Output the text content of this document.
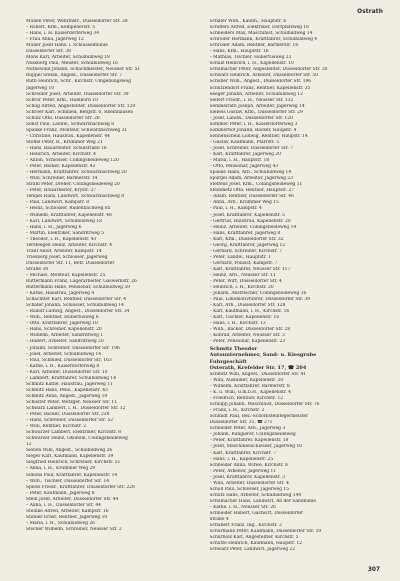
Ostrath
Müllen Peter, Wehrmstr., Düsseldorfer Str. 28
– Robert, Kfm., Kempenerstr. 5
– Hans, i. H. Kaiserdorferweg 34
– Frau Anna, Jägerweg 12
Müller Josef Hans, i. Schlüsselmühle
Düsseldorfer Str. 38
Mons Karl, Arbeiter, Schulbildweg 18
Nussberg Paul, Meister, Schulbildweg 16
Nüthewald Johann, Schachmeister, Neusser Str. 51
Ruppel Stefan, Angest., Düsseldorfer Str. 7
Rüth Heinrich, Schr., Kirchstr. Umgehungsweg
Jägerweg 10
Schreiner Josef, Arbeiter, Düsseldorfer Str. 39
Schrör Peter, Kfm., Hamborn 10
Schug Alfred, Angestellter, Düsseldorfer Str. 129
Schroer Karl, Schmied, Bergstr. 6, Rheinhausen
Schulz Otto, Düsseldorfer Str. 26
Sonst Paul, Landw., Schwarzbachweg 8
Spauke Franz, Monteur, Schwarzbachweg 31
– Christine, Hausfrau, Kapellenstr. 44
Stoffel Peter, R., Krummer Weg 21
– Hans, Bauarbeiter, Schulstraße 16
– Heinrich, Arbeiter, Kirchstr. 4
– Anton, Schlosser, Collingsheideweg 120
– Peter, Bäcker, Kapellenstr. 43
– Hermann, Kraftfahrer, Schwarzbachweg 20
– Willi, Schreiner, Barmerstr. 14
Strahl Peter, Dreher, Collingsheideweg 20
– Peter, Holzarbeiter, Krystr. 27
Tempel Hans, Landwirt, Schwarzbachweg 8
– Paul, Landwirt, Kampstr. 8
– Heinz, Schlosser, Rüdenbachweg 85
– Wilhelm, Kraftfahrer, Kapellenstr. 48
– Karl, Landwirt, Schulbildweg 18
– Hans, i. H., Jägerweg 6
– Martin, Elektriker, Sandrittweg 5
– Theodor, i. H., Kapellenstr. 43
Tersteegen Heinz, Arbeiter, Kirchstr. 4
Trant Adolf, Arbeiter, Kampstr. 14
Triesberg Josef, Schlosser, Jägerweg
Düsseldorfer Str. 11, Betr. Düsseldorfer
Straße 38
– Michael, Monteur, Kapellenstr. 25
Rüttermann Franz, Lagerarbeiter, Gaswerkstr. 26
Rüttermann Hans, Pensionär, Schulbildweg 59
– Käthe, Hausfrau, Jägerweg 4
Schachtler Karl, Rentner, Düsseldorfer Str. 4
Schäfer Johann, Schlosser, Schulbildweg 14
– Rudolf Ludwig, Angest., Düsseldorfer Str. 34
– Wilh., Rentner, Hubertusweg 6
– Otto, Kraftfahrer, Jägerweg 10
– Hans, Schreiner, Kapellenstr. 20
– Wilhelm, Arbeiter, Sandrittweg 1
– Hubert, Arbeiter, Sandrittweg 20
– Johann, Schreiner, Düsseldorfer Str. 196
– Josef, Arbeiter, Schulbildweg 14
– Paul, Schmied, Düsseldorfer Str. 163
– Käthe, i. H., Kaiserdorferweg 8
– Karl, Arbeiter, Düsseldorfer Str. 10
– Lambert, Kraftfahrer, Schulbildweg 14
Schmitz Käthe, Hausfrau, Jägerweg 11
Schmitz Hans, Pens., Kapellenstr. 43
Schmitz Anna, Angest., Jägerweg 19
Schuster Peter, Metzger, Neusser Str. 11
Schwarz Lambert, i. H., Düsseldorfer Str. 12
– Peter, Bäcker, Düsseldorfer Str. 230
– Hans, Schreiner, Düsseldorfer Str. 52
– Willi, Rentner, Kirchstr. 2
Schwarzer Lambert, Elektriker, Kirchstr. 8
Schwarzer Heinz, Ökonom, Collingsheideweg
12
Sieben Willi, Angest., Schulbildweg 26
Sieger Karl, Kaufmann, Kapellenstr. 39
Siegfried Heinrich, Schreiner, Kirchstr. 51
– Anna, i. H., Krummer Weg 29
Simons Paul, Kraftfahrer, Kapellenstr. 14
– Wilh., Tischler, Düsseldorfer Str. 14
Spiess Friedr., Kraftfahrer, Düsseldorfer Str. 228
– Peter, Kaufmann, Jägerweg 8
Stein Josef, Arbeiter, Düsseldorfer Str. 44
– Anna, i. H., Düsseldorfer Str. 44
Steinke Alfred, Arbeiter, Kampstr. 16
Stinner Ernst, Rentner, Jägerweg 10
– Maria, i. H., Schulbildweg 26
Stöcker Wilhelm, Schreiner, Neusser Str. 2
Schäfer Wilh., Kaufm., Hauptstr. 6
Schiffers Alfred, Elektriker, Dorfplatzweg 16
Schneiders Max, Maschinist, Schulbildweg 14
Schröder Hermann, Kraftfahrer, Schulbildweg 4
Schröder Adam, Rentner, Barmerstr. 16
– Hans, Kfm., Hauptstr. 16
– Mathias, Tischler, Hubertusweg 23
Schulz Heinrich, i. H., Kapellenstr. 10
Schumacher Peter, Angestellter, Düsseldorfer Str. 20
Schwarz Heinrich, Arbeiter, Düsseldorfer Str. 50
Schüller Wilh., Angest., Düsseldorfer Str. 196
Schützendorf Franz, Rentner, Kapellenstr. 35
Seeger Johann, Arbeiter, Schulbildweg 12
Seifert Friedr., i. H., Neusser Str. 132
Semmelrath Joseph, Arbeiter, Jägerweg 14
Siebels Gustav, Kfm., Düsseldorfer Str. 29
– Josef, Landw., Düsseldorfer Str. 120
Sommer Peter, i. H., Kaiserdorferweg 3
Sommerhof Johann, Bäcker, Haupstr. 4
Sonnenschein Ludwig, Rentner, Haupstr. 14
– Gustav, Kaufmann, Pfarrstr. 5
– Josef, Schreiner, Düsseldorfer Str. 7
– Karl, Kraftfahrer, Jägerweg 20
– Maria, i. H., Hauptstr. 18
– Otto, Pensionär, Jägerweg 43
Spauke Hans, Arb., Schulbildweg 14
Spürgel Adam, Arbeiter, Jägerweg 23
Steffens Josef, Kfm., Collingsheideweg 11
Steinmetz Otto, Rentner, Hauptstr. 27
– Adam, Rentner, Düsseldorfer Str. 46
– Anna, Arb., Krummer Weg 15
– Paul, i. H., Kampstr. 4
– Josef, Kraftfahrer, Kapellenstr. 5
– Gertrud, Hausfrau, Kapellenstr. 20
– Heinz, Arbeiter, Collingsheideweg 14
– Hans, Kraftfahrer, Jägerweg 8
– Karl, Kfm., Düsseldorfer Str. 32
– Georg, Kraftfahrer, Jägerweg 12
– Gerhard, Schreiner, Kirchstr. 7
– Peter, Landw., Hauptstr. 1
– Gerhard, Polizist, Kampstr. 7
– Karl, Kraftfahrer, Neusser Str. 117
– Heinz, Arb., Neusser Str. 11
– Peter, Wirt, Düsseldorfer Str. 4
– Heinrich, i. H., Kirchstr. 20
– Johann, Anstreicher, Collingsheideweg 16
– Paul, Lokomotivführer, Düsseldorfer Str. 39
– Karl, Arb., Düsseldorfer Str. 128
– Karl, Kaufmann, i. H., Kirchstr. 16
– Karl, Tischler, Kapellenstr. 16
– Hans, i. H., Kirchstr. 13
– Wilh., Bäcker, Düsseldorfer Str. 28
– Konrad, Arbeiter, Neusser Str. 3
– Peter, Pensionär, Kapellenstr. 23
Schmitz Theodor
Autounternehmer, Sand- u. Kiesgrube
Fuhrgeschäft
Osterath, Krefelder Str. 17, ☎ 204
Schmitz Willi, Angest., Düsseldorfer Str. 41
– Willi, Ausbilder, Kapellenstr. 20
– Wilhelm, Kraftfahrer, Barmerstr. 8
– K. u. Willi, G.m.b.H., Kapellenstr. 4
– Friedrich, Rentner, Kirchstr. 12
Schlüpp Johann, Maschinist, Düsseldorfer Str. 76
– Franz, i. H., Kirchstr. 2
Schmidt Paul, Bez.-Schornsteinfegermeister
Düsseldorfer Str. 31, ☎ 271
Schneider Peter, Arb., Jägerweg 3
– Johann, Rangierer, Collingsheideweg
– Peter, Kraftfahrer, Kapellenstr. 18
– Josef, Maschinenschlosser, Jägerweg 10
– Karl, Kraftfahrer, Kirchstr. 7
– Hans, i. H., Kapellenstr. 25
Schneider Anna, Witwe, Kirchstr. 8
– Peter, Arbeiter, Jägerweg 11
– Josef, Kraftfahrer, Kapellenstr. 3
– Willi, Arbeiter, Düsseldorfer Str. 4
Scholl Paul, Schlosser, Jägerweg 15
Schütz Hans, Arbeiter, Schulbildweg 144
Schumacher Hans, Landwirt, An der Sandkuhle
– Käthe, i. H., Neusser Str. 26
Schneider Hubert, Gastwirt, Düsseldorfer
Straße 4
Schubert Franz, Ing., Kirchstr. 2
Schürmann Peter, Kaufmann, Düsseldorfer Str. 10
Schürholz Karl, Angestellter, Kirchstr. 5
Schütte Heinrich, Kaufmann, Haupstr. 12
Schwarz Peter, Landwirt, Jägerweg 22
307
